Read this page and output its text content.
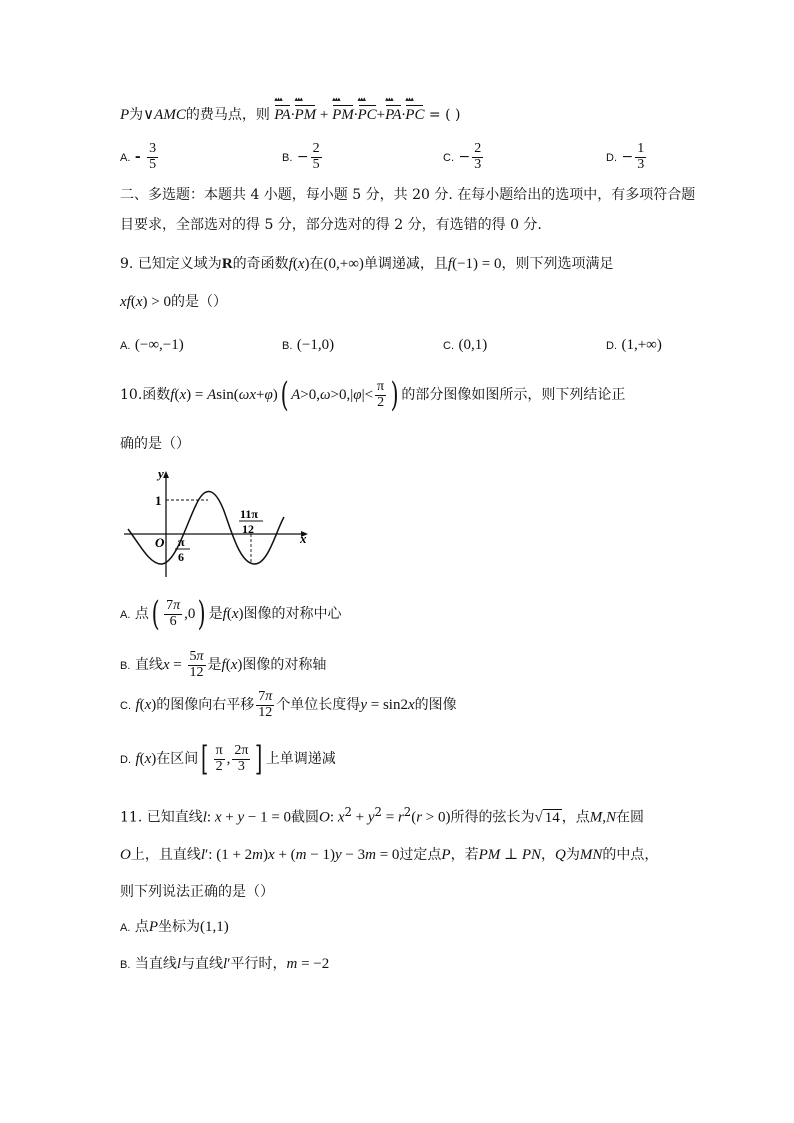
P为∨AMC的费马点，则 PA ▴▴▴·PM ▴▴▴ + PM ▴▴▴·PC ▴▴▴+PA ▴▴▴·PC ▴▴▴ = ( )
A. - $\frac{3}{5}$	B. − $\frac{2}{5}$	C. − $\frac{2}{3}$	D. − $\frac{1}{3}$
二、多选题：本题共 4 小题，每小题 5 分，共 20 分. 在每小题给出的选项中，有多项符合题
目要求，全部选对的得 5 分，部分选对的得 2 分，有选错的得 0 分.
9. 已知定义域为R的奇函数f(x)在(0,+∞)单调递减，且f(−1) = 0，则下列选项满足
xf(x) > 0的是（）
A. (−∞,−1)	B. (−1,0)	C. (0,1)	D. (1,+∞)
10.函数f(x) = Asin(ωx+φ)( $A>0,\omega>0,|\varphi|< \frac{\pi}{2}$ ) 的部分图像如图所示，则下列结论正
确的是（）
y
x
O
1
π
6
11π
12
A. 点( $\frac{7\pi}{6} ,0$) 是f(x)图像的对称中心
B. 直线$x = \frac{5\pi}{12}$ 是f(x)图像的对称轴
C. f(x)的图像向右平移 $\frac{7\pi}{12}$ 个单位长度得y = sin2x的图像
D. f(x)在区间[ $\frac{\pi}{2}$ , $\frac{2\pi}{3}$ ] 上单调递减
11. 已知直线l: x + y − 1 = 0截圆O: $x^2 + y^2 = r^2(r > 0)$所得的弦长为√ 14 ，点M,N在圆
O上，且直线l′: (1 + 2m)x + (m − 1)y − 3m = 0过定点P，若PM ⊥ PN，Q为MN的中点，
则下列说法正确的是（）
A. 点P坐标为(1,1)
B. 当直线l与直线l′平行时，m = −2
